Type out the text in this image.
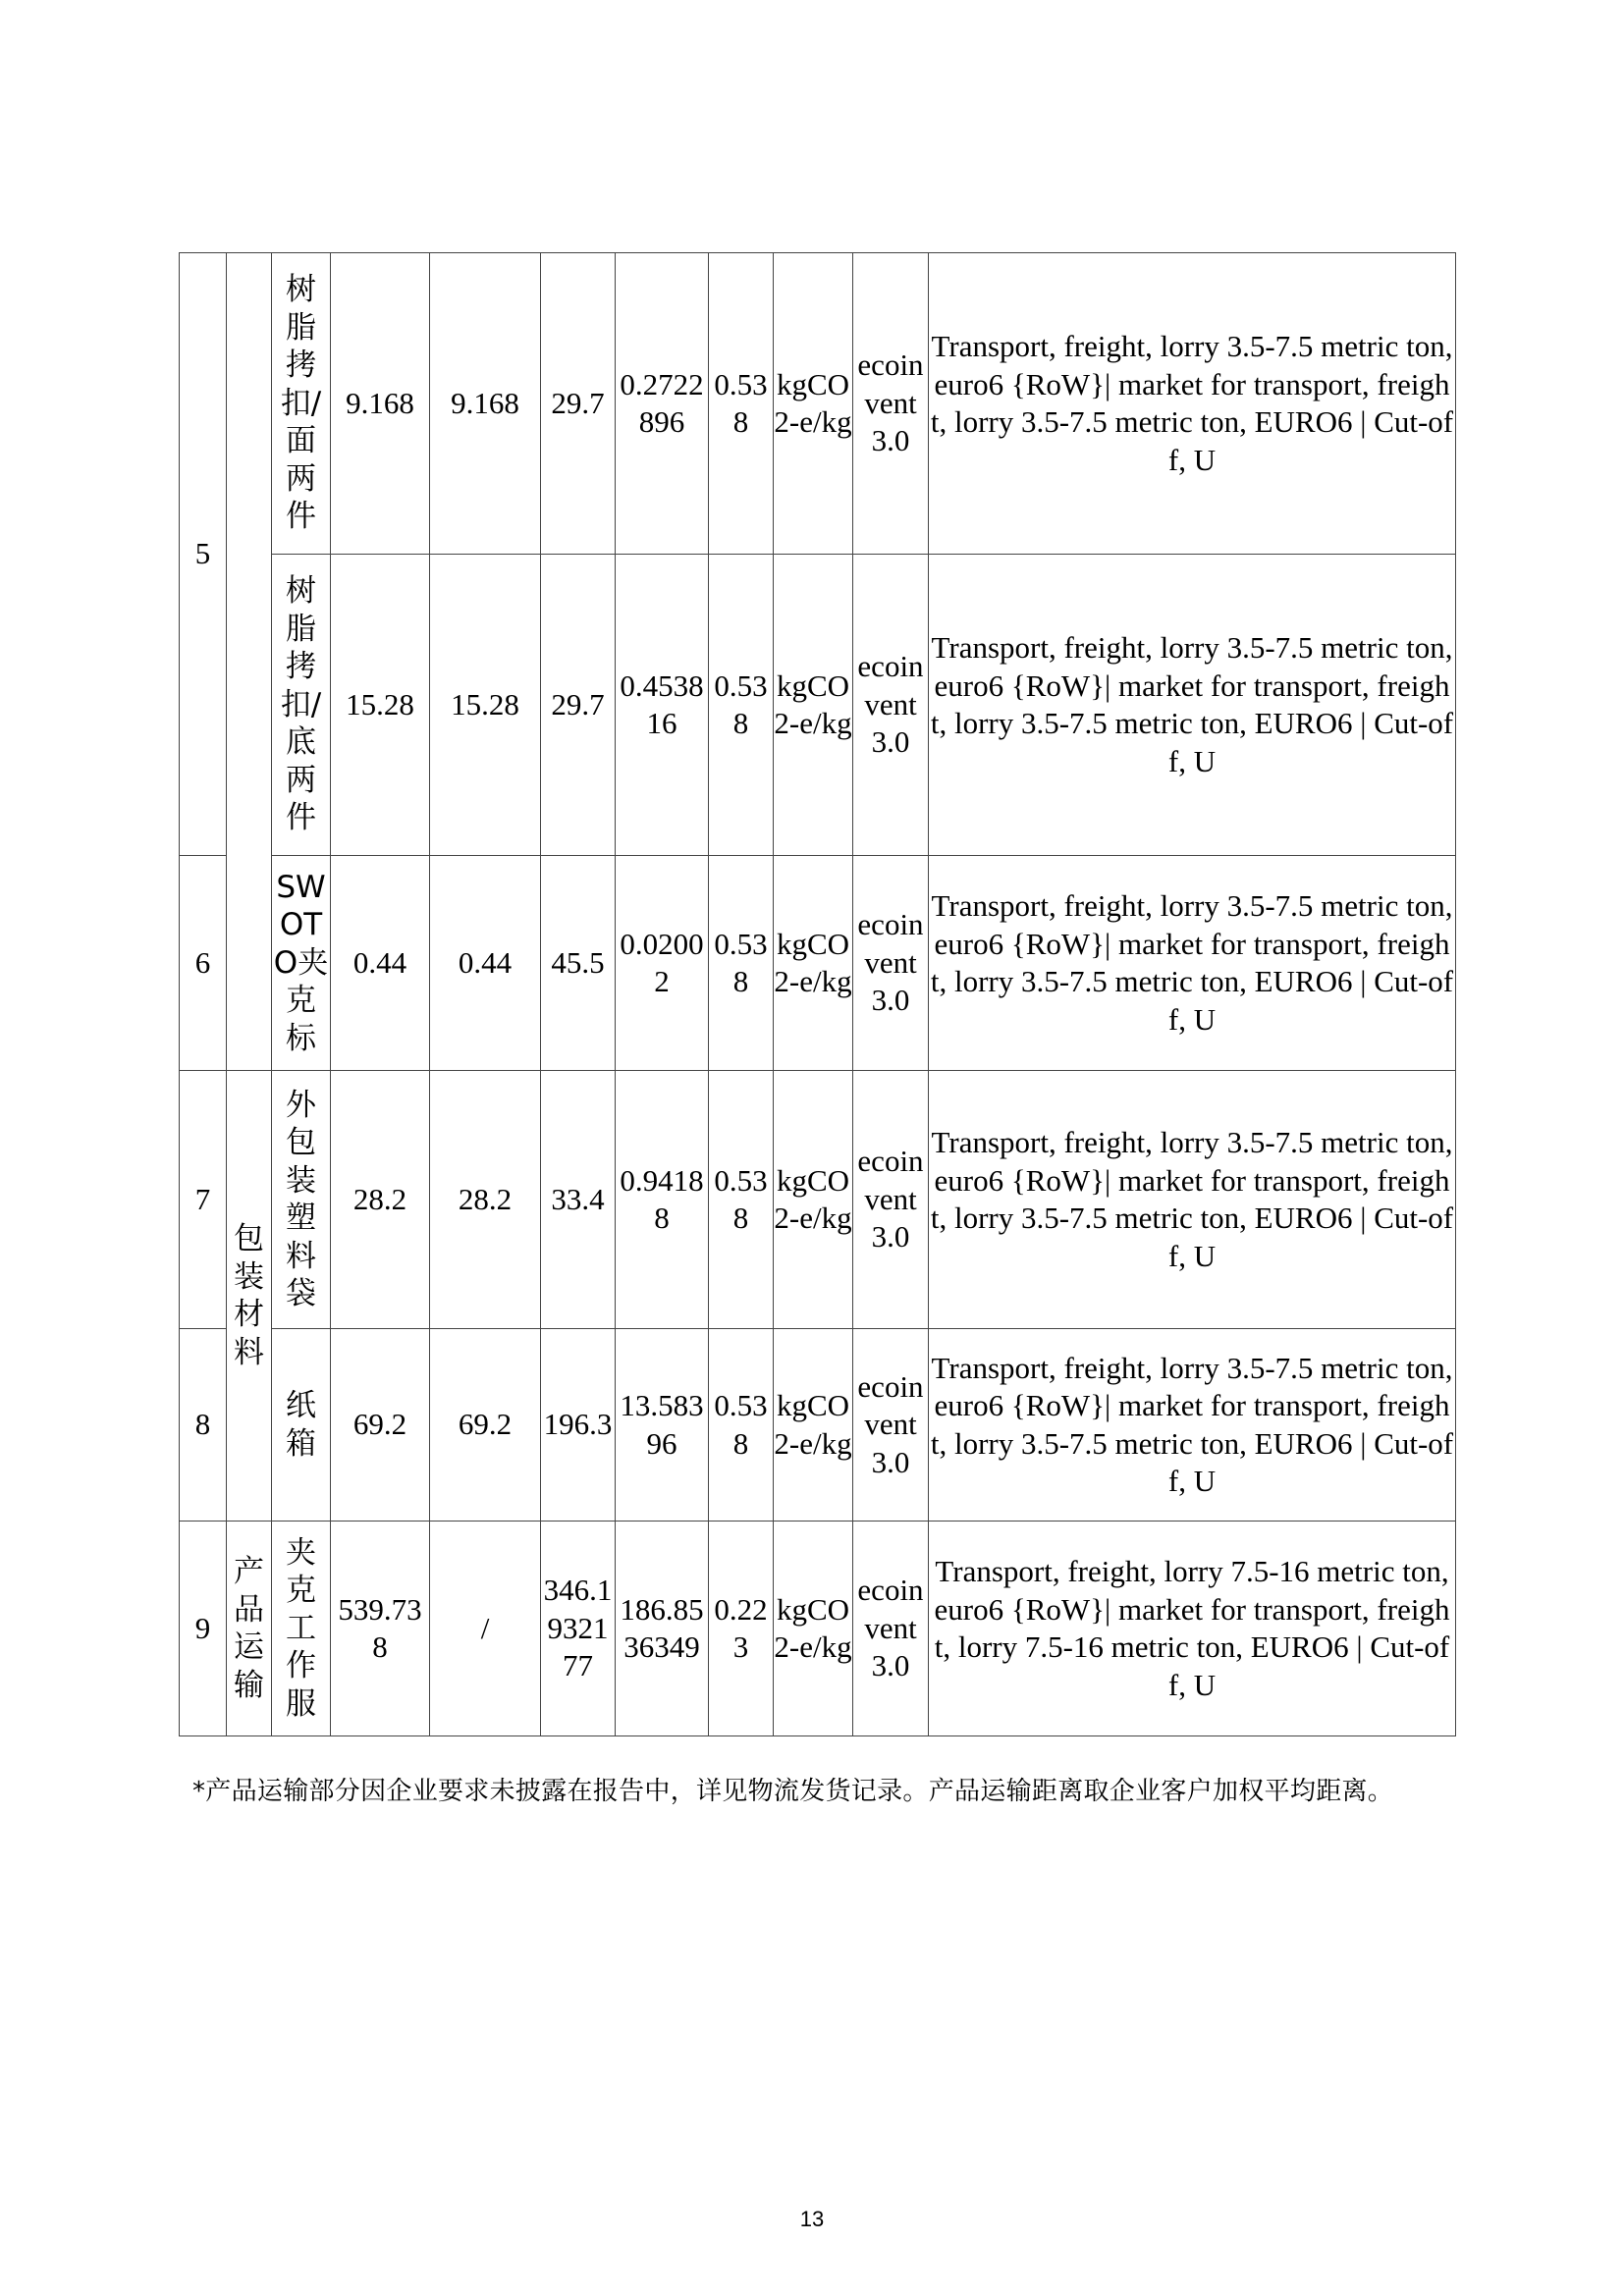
5		树脂拷扣/面两件	9.168	9.168	29.7	0.2722896	0.538	kgCO2-e/kg	ecoinvent3.0	Transport, freight, lorry 3.5-7.5 metric ton, euro6 {RoW}| market for transport, freight, lorry 3.5-7.5 metric ton, EURO6 | Cut-off, U
		树脂拷扣/底两件	15.28	15.28	29.7	0.453816	0.538	kgCO2-e/kg	ecoinvent3.0	Transport, freight, lorry 3.5-7.5 metric ton, euro6 {RoW}| market for transport, freight, lorry 3.5-7.5 metric ton, EURO6 | Cut-off, U
6		SWOTO夹克标	0.44	0.44	45.5	0.02002	0.538	kgCO2-e/kg	ecoinvent3.0	Transport, freight, lorry 3.5-7.5 metric ton, euro6 {RoW}| market for transport, freight, lorry 3.5-7.5 metric ton, EURO6 | Cut-off, U
7	包装材料	外包装塑料袋	28.2	28.2	33.4	0.94188	0.538	kgCO2-e/kg	ecoinvent3.0	Transport, freight, lorry 3.5-7.5 metric ton, euro6 {RoW}| market for transport, freight, lorry 3.5-7.5 metric ton, EURO6 | Cut-off, U
8		纸箱	69.2	69.2	196.3	13.58396	0.538	kgCO2-e/kg	ecoinvent3.0	Transport, freight, lorry 3.5-7.5 metric ton, euro6 {RoW}| market for transport, freight, lorry 3.5-7.5 metric ton, EURO6 | Cut-off, U
9	产品运输	夹克工作服	539.738	/	346.1932177	186.8536349	0.223	kgCO2-e/kg	ecoinvent3.0	Transport, freight, lorry 7.5-16 metric ton, euro6 {RoW}| market for transport, freight, lorry 7.5-16 metric ton, EURO6 | Cut-off, U
*产品运输部分因企业要求未披露在报告中，详见物流发货记录。产品运输距离取企业客户加权平均距离。
13
